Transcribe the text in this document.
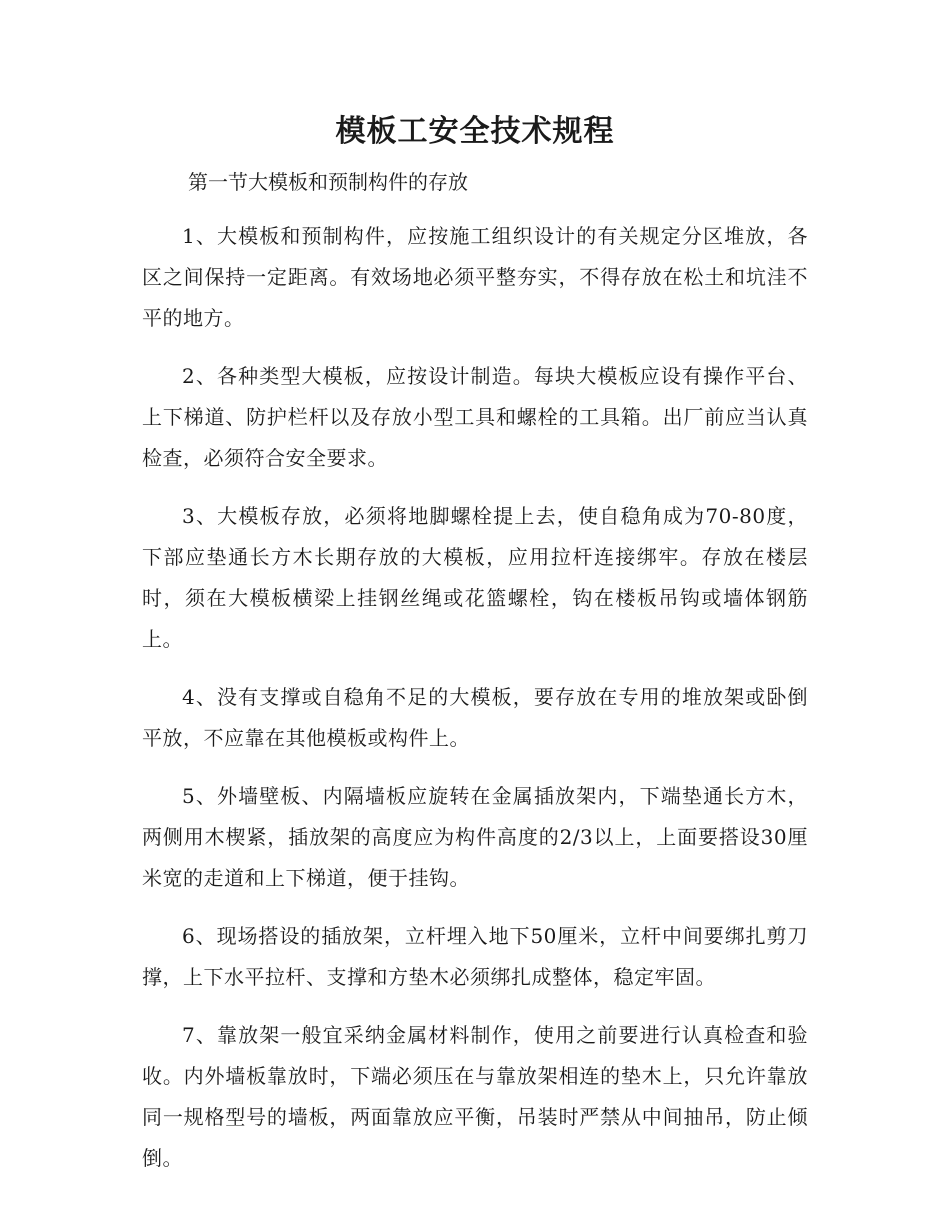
模板工安全技术规程

第一节大模板和预制构件的存放

1、大模板和预制构件，应按施工组织设计的有关规定分区堆放，各区之间保持一定距离。有效场地必须平整夯实，不得存放在松土和坑洼不平的地方。

2、各种类型大模板，应按设计制造。每块大模板应设有操作平台、上下梯道、防护栏杆以及存放小型工具和螺栓的工具箱。出厂前应当认真检查，必须符合安全要求。

3、大模板存放，必须将地脚螺栓提上去，使自稳角成为70-80度，下部应垫通长方木长期存放的大模板，应用拉杆连接绑牢。存放在楼层时，须在大模板横梁上挂钢丝绳或花篮螺栓，钩在楼板吊钩或墙体钢筋上。

4、没有支撑或自稳角不足的大模板，要存放在专用的堆放架或卧倒平放，不应靠在其他模板或构件上。

5、外墙壁板、内隔墙板应旋转在金属插放架内，下端垫通长方木，两侧用木楔紧，插放架的高度应为构件高度的2/3以上，上面要搭设30厘米宽的走道和上下梯道，便于挂钩。

6、现场搭设的插放架，立杆埋入地下50厘米，立杆中间要绑扎剪刀撑，上下水平拉杆、支撑和方垫木必须绑扎成整体，稳定牢固。

7、靠放架一般宜采纳金属材料制作，使用之前要进行认真检查和验收。内外墙板靠放时，下端必须压在与靠放架相连的垫木上，只允许靠放同一规格型号的墙板，两面靠放应平衡，吊装时严禁从中间抽吊，防止倾倒。
